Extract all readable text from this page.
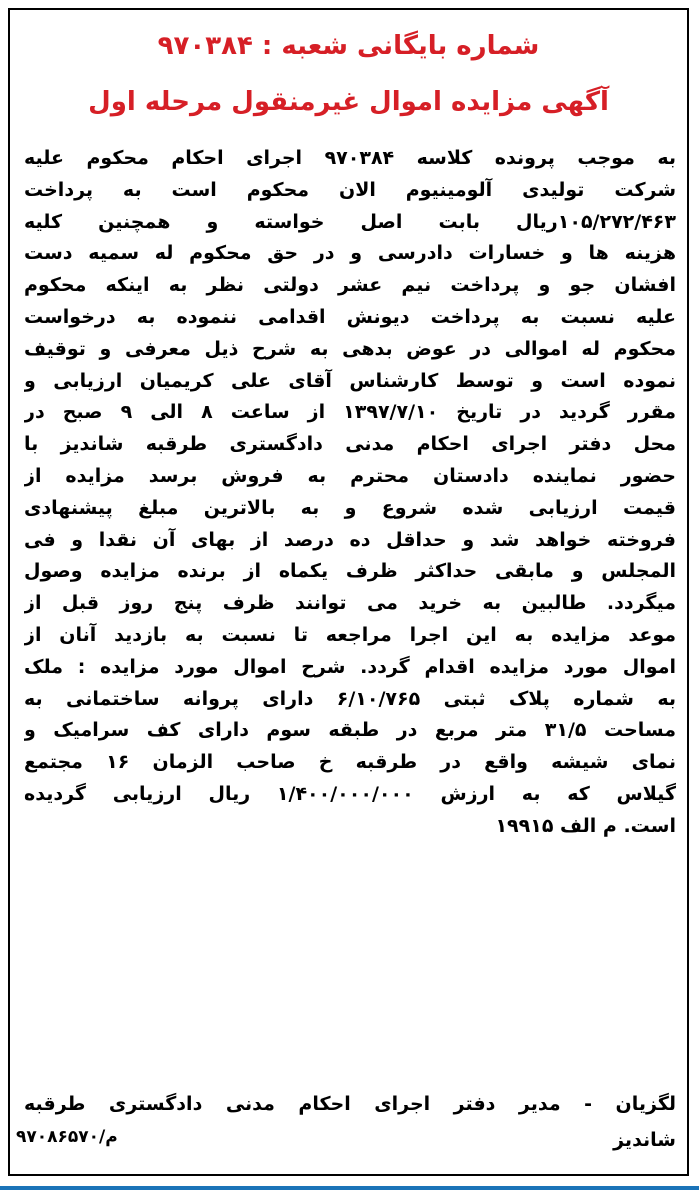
شماره بایگانی شعبه : ۹۷۰۳۸۴
آگهی مزایده اموال غیرمنقول مرحله اول
به موجب پرونده کلاسه ۹۷۰۳۸۴ اجرای احکام محکوم علیه
شرکت تولیدی آلومینیوم الان محکوم است به پرداخت
۱۰۵/۲۷۲/۴۶۳ریال بابت اصل خواسته و همچنین کلیه
هزینه ها و خسارات دادرسی و در حق محکوم له سمیه دست
افشان جو و پرداخت نیم عشر دولتی نظر به اینکه محکوم
علیه نسبت به پرداخت دیونش اقدامی ننموده به درخواست
محکوم له اموالی در عوض بدهی به شرح ذیل معرفی و توقیف
نموده است و توسط کارشناس آقای علی کریمیان ارزیابی و
مقرر گردید در تاریخ ۱۳۹۷/۷/۱۰ از ساعت ۸ الی ۹ صبح در
محل دفتر اجرای احکام مدنی دادگستری طرقبه شاندیز با
حضور نماینده دادستان محترم به فروش برسد مزایده از
قیمت ارزیابی شده شروع و به بالاترین مبلغ پیشنهادی
فروخته خواهد شد و حداقل ده درصد از بهای آن نقدا و فی
المجلس و مابقی حداکثر ظرف یکماه از برنده مزایده وصول
میگردد. طالبین به خرید می توانند ظرف پنج روز قبل از
موعد مزایده به این اجرا مراجعه تا نسبت به بازدید آنان از
اموال مورد مزایده اقدام گردد. شرح اموال مورد مزایده : ملک
به شماره پلاک ثبتی ۶/۱۰/۷۶۵ دارای پروانه ساختمانی به
مساحت ۳۱/۵ متر مربع در طبقه سوم دارای کف سرامیک و
نمای شیشه واقع در طرقبه خ صاحب الزمان ۱۶ مجتمع
گیلاس که به ارزش ۱/۴۰۰/۰۰۰/۰۰۰ ریال ارزیابی گردیده
است. م الف ۱۹۹۱۵
لگزیان - مدیر دفتر اجرای احکام مدنی دادگستری طرقبه
شاندیز
م/۹۷۰۸۶۵۷۰
